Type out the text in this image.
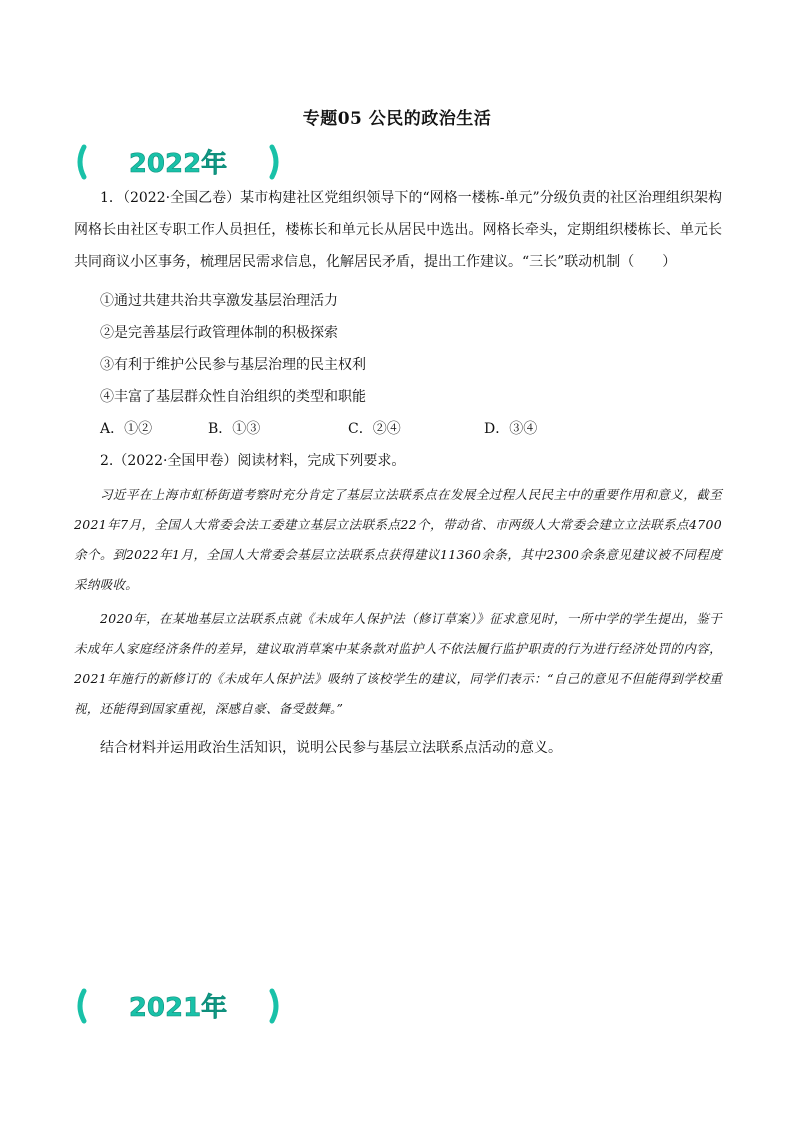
专题05 公民的政治生活
2022年
1．（2022·全国乙卷）某市构建社区党组织领导下的“网格一楼栋-单元”分级负责的社区治理组织架构网格长由社区专职工作人员担任，楼栋长和单元长从居民中选出。网格长牵头，定期组织楼栋长、单元长共同商议小区事务，梳理居民需求信息，化解居民矛盾，提出工作建议。“三长”联动机制（　　）
①通过共建共治共享激发基层治理活力
②是完善基层行政管理体制的积极探索
③有利于维护公民参与基层治理的民主权利
④丰富了基层群众性自治组织的类型和职能
A．①②	B．①③	C．②④	D．③④
2.（2022·全国甲卷）阅读材料，完成下列要求。
习近平在上海市虹桥街道考察时充分肯定了基层立法联系点在发展全过程人民民主中的重要作用和意义，截至2021年7月，全国人大常委会法工委建立基层立法联系点22个，带动省、市两级人大常委会建立立法联系点4700余个。到2022年1月，全国人大常委会基层立法联系点获得建议11360余条，其中2300余条意见建议被不同程度采纳吸收。
2020年，在某地基层立法联系点就《未成年人保护法（修订草案）》征求意见时，一所中学的学生提出，鉴于未成年人家庭经济条件的差异，建议取消草案中某条款对监护人不依法履行监护职责的行为进行经济处罚的内容，2021年施行的新修订的《未成年人保护法》吸纳了该校学生的建议，同学们表示：“自己的意见不但能得到学校重视，还能得到国家重视，深感自豪、备受鼓舞。”
结合材料并运用政治生活知识，说明公民参与基层立法联系点活动的意义。
2021年
